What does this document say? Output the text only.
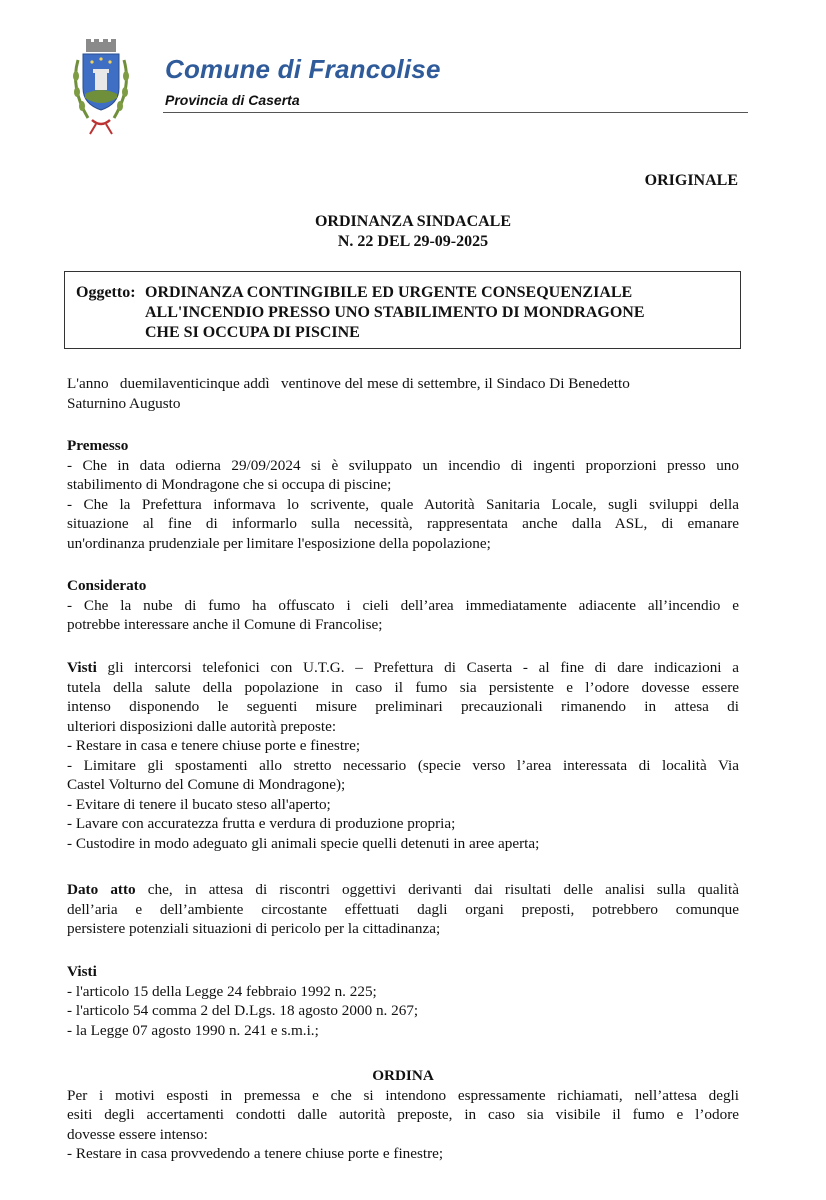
Comune di Francolise
Provincia di Caserta
ORIGINALE
ORDINANZA SINDACALE
N. 22 DEL 29-09-2025
Oggetto: ORDINANZA CONTINGIBILE ED URGENTE CONSEQUENZIALE
ALL'INCENDIO PRESSO UNO STABILIMENTO DI MONDRAGONE
CHE SI OCCUPA DI PISCINE
L'anno   duemilaventicinque addì   ventinove del mese di settembre, il Sindaco Di Benedetto
Saturnino Augusto
Premesso
- Che in data odierna 29/09/2024 si è sviluppato un incendio di ingenti proporzioni presso uno
stabilimento di Mondragone che si occupa di piscine;
- Che la Prefettura informava lo scrivente, quale Autorità Sanitaria Locale, sugli sviluppi della
situazione al fine di informarlo sulla necessità, rappresentata anche dalla ASL, di emanare
un'ordinanza prudenziale per limitare l'esposizione della popolazione;
Considerato
- Che la nube di fumo ha offuscato i cieli dell’area immediatamente adiacente all’incendio e
potrebbe interessare anche il Comune di Francolise;
Visti gli intercorsi telefonici con U.T.G. – Prefettura di Caserta - al fine di dare indicazioni a
tutela della salute della popolazione in caso il fumo sia persistente e l’odore dovesse essere
intenso disponendo le seguenti misure preliminari precauzionali rimanendo in attesa di
ulteriori disposizioni dalle autorità preposte:
- Restare in casa e tenere chiuse porte e finestre;
- Limitare gli spostamenti allo stretto necessario (specie verso l’area interessata di località Via
Castel Volturno del Comune di Mondragone);
- Evitare di tenere il bucato steso all'aperto;
- Lavare con accuratezza frutta e verdura di produzione propria;
- Custodire in modo adeguato gli animali specie quelli detenuti in aree aperta;
Dato atto che, in attesa di riscontri oggettivi derivanti dai risultati delle analisi sulla qualità
dell’aria e dell’ambiente circostante effettuati dagli organi preposti, potrebbero comunque
persistere potenziali situazioni di pericolo per la cittadinanza;
Visti
- l'articolo 15 della Legge 24 febbraio 1992 n. 225;
- l'articolo 54 comma 2 del D.Lgs. 18 agosto 2000 n. 267;
- la Legge 07 agosto 1990 n. 241 e s.m.i.;
ORDINA
Per i motivi esposti in premessa e che si intendono espressamente richiamati, nell’attesa degli
esiti degli accertamenti condotti dalle autorità preposte, in caso sia visibile il fumo e l’odore
dovesse essere intenso:
- Restare in casa provvedendo a tenere chiuse porte e finestre;
